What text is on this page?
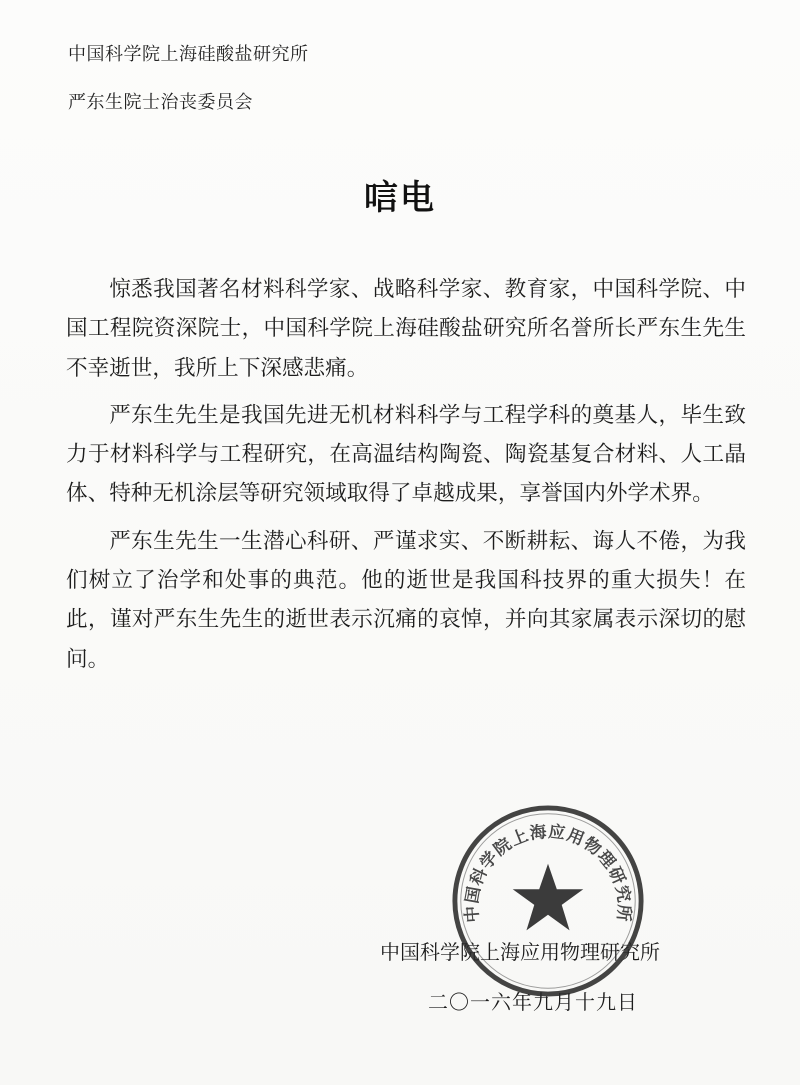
中国科学院上海硅酸盐研究所
严东生院士治丧委员会
唁电

惊悉我国著名材料科学家、战略科学家、教育家，中国科学院、中国工程院资深院士，中国科学院上海硅酸盐研究所名誉所长严东生先生不幸逝世，我所上下深感悲痛。

严东生先生是我国先进无机材料科学与工程学科的奠基人，毕生致力于材料科学与工程研究，在高温结构陶瓷、陶瓷基复合材料、人工晶体、特种无机涂层等研究领域取得了卓越成果，享誉国内外学术界。

严东生先生一生潜心科研、严谨求实、不断耕耘、诲人不倦，为我们树立了治学和处事的典范。他的逝世是我国科技界的重大损失！在此，谨对严东生先生的逝世表示沉痛的哀悼，并向其家属表示深切的慰问。

中国科学院上海应用物理研究所
二〇一六年九月十九日
中国科学院上海应用物理研究所
